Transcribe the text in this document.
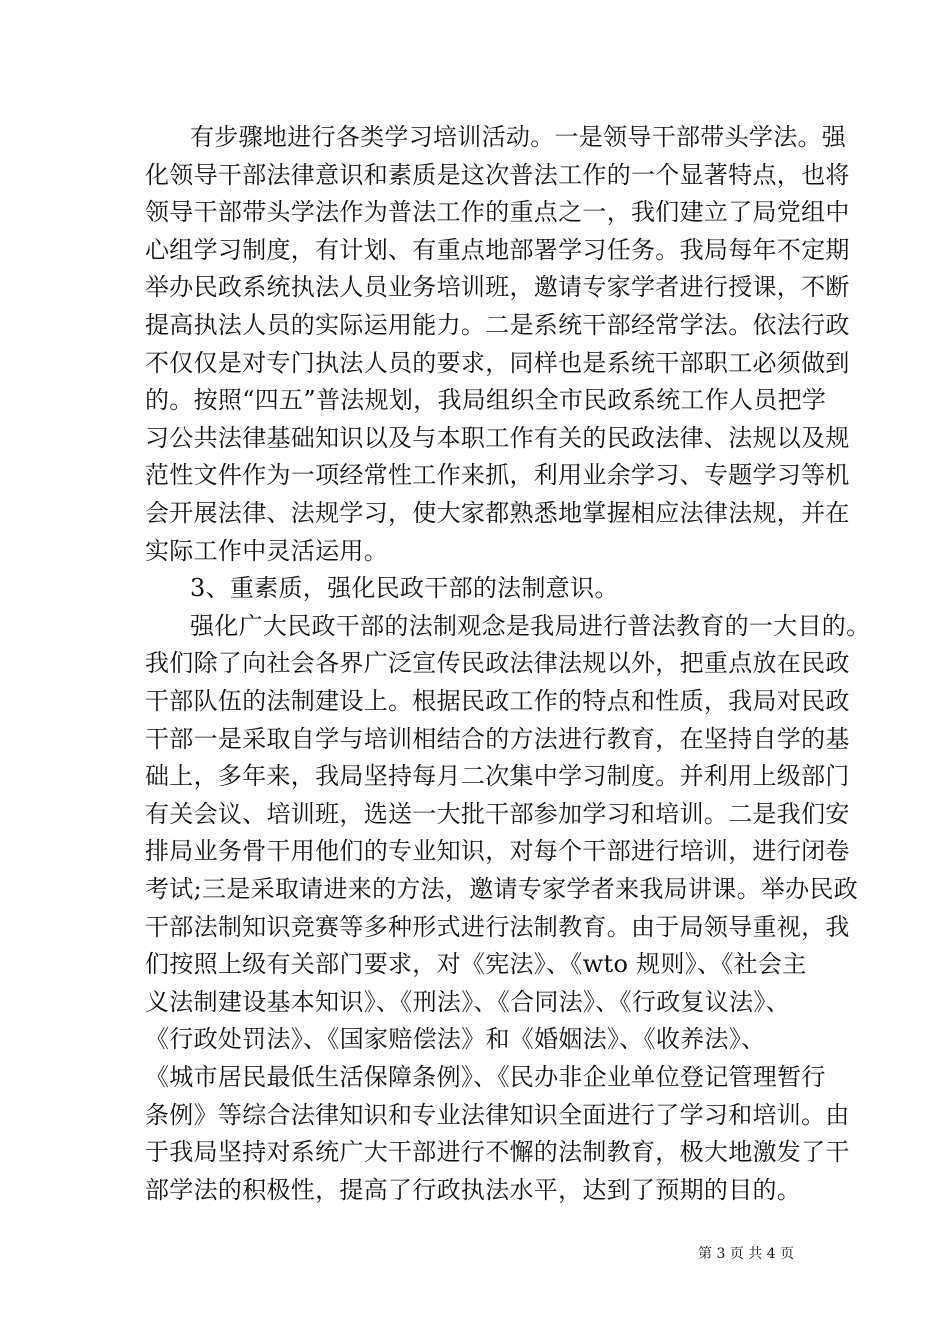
有步骤地进行各类学习培训活动。一是领导干部带头学法。强
化领导干部法律意识和素质是这次普法工作的一个显著特点，也将
领导干部带头学法作为普法工作的重点之一，我们建立了局党组中
心组学习制度，有计划、有重点地部署学习任务。我局每年不定期
举办民政系统执法人员业务培训班，邀请专家学者进行授课，不断
提高执法人员的实际运用能力。二是系统干部经常学法。依法行政
不仅仅是对专门执法人员的要求，同样也是系统干部职工必须做到
的。按照“四五”普法规划，我局组织全市民政系统工作人员把学
习公共法律基础知识以及与本职工作有关的民政法律、法规以及规
范性文件作为一项经常性工作来抓，利用业余学习、专题学习等机
会开展法律、法规学习，使大家都熟悉地掌握相应法律法规，并在
实际工作中灵活运用。
3、重素质，强化民政干部的法制意识。
强化广大民政干部的法制观念是我局进行普法教育的一大目的。
我们除了向社会各界广泛宣传民政法律法规以外，把重点放在民政
干部队伍的法制建设上。根据民政工作的特点和性质，我局对民政
干部一是采取自学与培训相结合的方法进行教育，在坚持自学的基
础上，多年来，我局坚持每月二次集中学习制度。并利用上级部门
有关会议、培训班，选送一大批干部参加学习和培训。二是我们安
排局业务骨干用他们的专业知识，对每个干部进行培训，进行闭卷
考试;三是采取请进来的方法，邀请专家学者来我局讲课。举办民政
干部法制知识竞赛等多种形式进行法制教育。由于局领导重视，我
们按照上级有关部门要求，对《宪法》、《wto 规则》、《社会主
义法制建设基本知识》、《刑法》、《合同法》、《行政复议法》、
《行政处罚法》、《国家赔偿法》和《婚姻法》、《收养法》、
《城市居民最低生活保障条例》、《民办非企业单位登记管理暂行
条例》等综合法律知识和专业法律知识全面进行了学习和培训。由
于我局坚持对系统广大干部进行不懈的法制教育，极大地激发了干
部学法的积极性，提高了行政执法水平，达到了预期的目的。
第 3 页 共 4 页
